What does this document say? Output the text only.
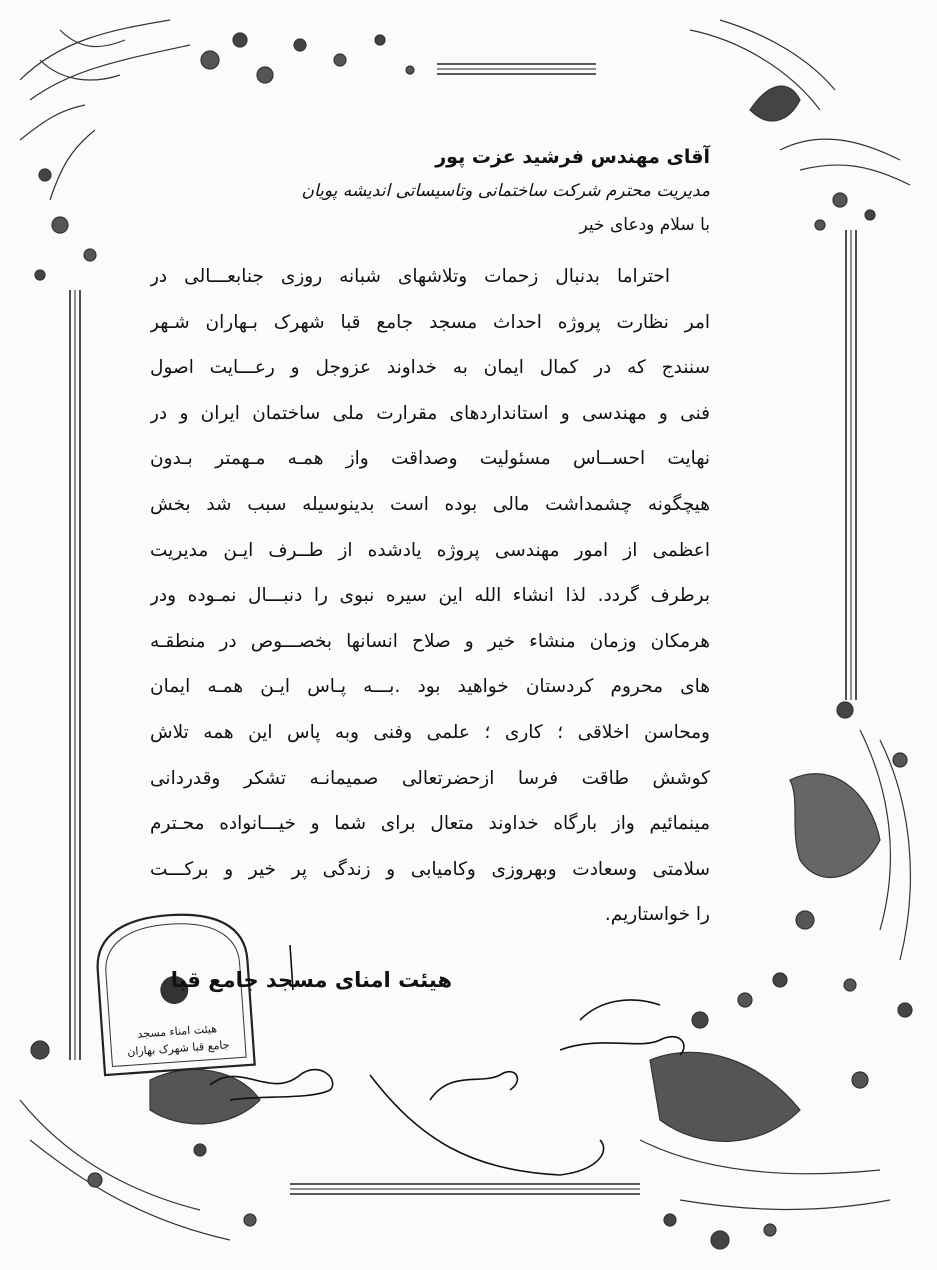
هیئت امناء مسجد
جامع قبا شهرک بهاران

آقای مهندس فرشید عزت پور

مدیریت محترم شرکت ساختمانی وتاسیساتی اندیشه پویان

با سلام ودعای خیر

احتراما بدنبال زحمات وتلاشهای شبانه روزی جنابعـــالی در

امر نظارت پروژه احداث مسجد جامع قبا شهرک بـهاران شـهر

سنندج که در کمال ایمان به خداوند عزوجل و رعـــایت اصول

فنی و مهندسی و استانداردهای مقرارت ملی ساختمان ایران و در

نهایت احســاس مسئولیت وصداقت واز همـه مـهمتر بـدون

هیچگونه چشمداشت مالی بوده است بدینوسیله سبب شد بخش

اعظمی از امور مهندسی پروژه یادشده از طــرف ایـن مدیریت

برطرف گردد. لذا انشاء الله این سیره نبوی را دنبـــال نمـوده ودر

هرمکان وزمان منشاء خیر و صلاح انسانها بخصـــوص در منطقـه

های محروم کردستان خواهید بود .بـــه پـاس ایـن همـه ایمان

ومحاسن اخلاقی ؛ کاری ؛ علمی وفنی وبه پاس این همه تلاش

کوشش طاقت فرسا ازحضرتعالی صمیمانـه تشکر وقدردانی

مینمائیم واز بارگاه خداوند متعال برای شما و خیـــانواده محـترم

سلامتی وسعادت وبهروزی وکامیابی و زندگی پر خیر و برکـــت

را خواستاریم.

هیئت امنای مسجد جامع قبا
